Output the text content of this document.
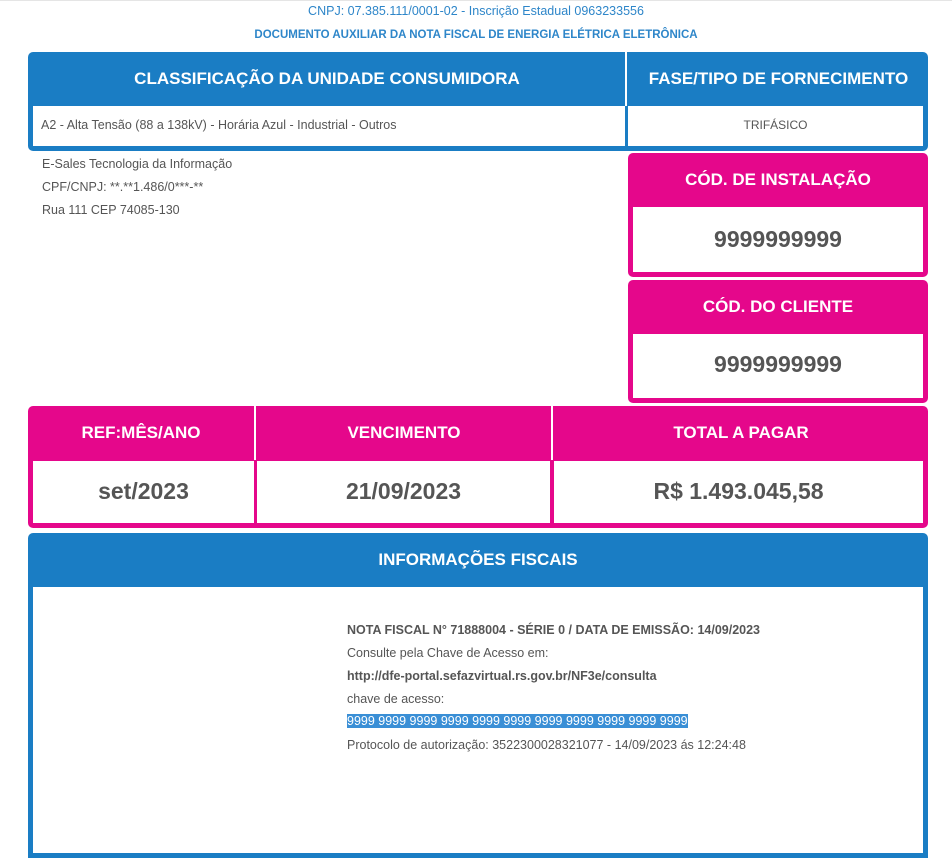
CNPJ: 07.385.111/0001-02 - Inscrição Estadual 0963233556
DOCUMENTO AUXILIAR DA NOTA FISCAL DE ENERGIA ELÉTRICA ELETRÔNICA
CLASSIFICAÇÃO DA UNIDADE CONSUMIDORA	FASE/TIPO DE FORNECIMENTO
A2 - Alta Tensão (88 a 138kV) - Horária Azul - Industrial - Outros	TRIFÁSICO
E-Sales Tecnologia da Informação
CPF/CNPJ: **.**1.486/0***-**
Rua 111 CEP 74085-130
CÓD. DE INSTALAÇÃO
9999999999
CÓD. DO CLIENTE
9999999999
REF:MÊS/ANO	VENCIMENTO	TOTAL A PAGAR
set/2023	21/09/2023	R$ 1.493.045,58
INFORMAÇÕES FISCAIS
NOTA FISCAL N° 71888004 - SÉRIE 0 / DATA DE EMISSÃO: 14/09/2023
Consulte pela Chave de Acesso em:
http://dfe-portal.sefazvirtual.rs.gov.br/NF3e/consulta
chave de acesso:
9999 9999 9999 9999 9999 9999 9999 9999 9999 9999 9999
Protocolo de autorização: 3522300028321077 - 14/09/2023 ás 12:24:48
